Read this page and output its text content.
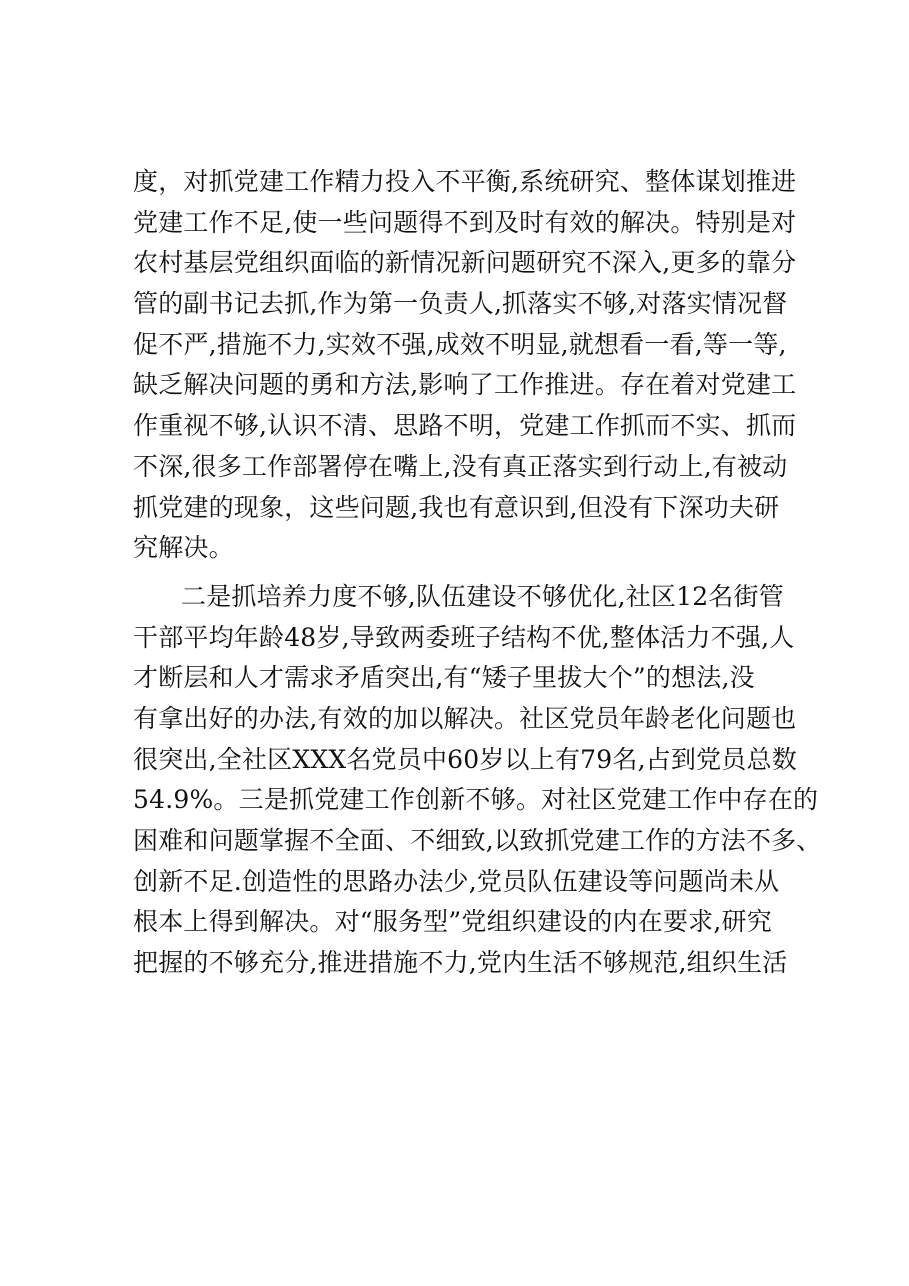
度，对抓党建工作精力投入不平衡,系统研究、整体谋划推进
党建工作不足,使一些问题得不到及时有效的解决。特别是对
农村基层党组织面临的新情况新问题研究不深入,更多的靠分
管的副书记去抓,作为第一负责人,抓落实不够,对落实情况督
促不严,措施不力,实效不强,成效不明显,就想看一看,等一等,
缺乏解决问题的勇和方法,影响了工作推进。存在着对党建工
作重视不够,认识不清、思路不明，党建工作抓而不实、抓而
不深,很多工作部署停在嘴上,没有真正落实到行动上,有被动
抓党建的现象，这些问题,我也有意识到,但没有下深功夫研
究解决。
二是抓培养力度不够,队伍建设不够优化,社区12名街管
干部平均年龄48岁,导致两委班子结构不优,整体活力不强,人
才断层和人才需求矛盾突出,有“矮子里拔大个”的想法,没
有拿出好的办法,有效的加以解决。社区党员年龄老化问题也
很突出,全社区XXX名党员中60岁以上有79名,占到党员总数
54.9%。三是抓党建工作创新不够。对社区党建工作中存在的
困难和问题掌握不全面、不细致,以致抓党建工作的方法不多、
创新不足.创造性的思路办法少,党员队伍建设等问题尚未从
根本上得到解决。对“服务型”党组织建设的内在要求,研究
把握的不够充分,推进措施不力,党内生活不够规范,组织生活
